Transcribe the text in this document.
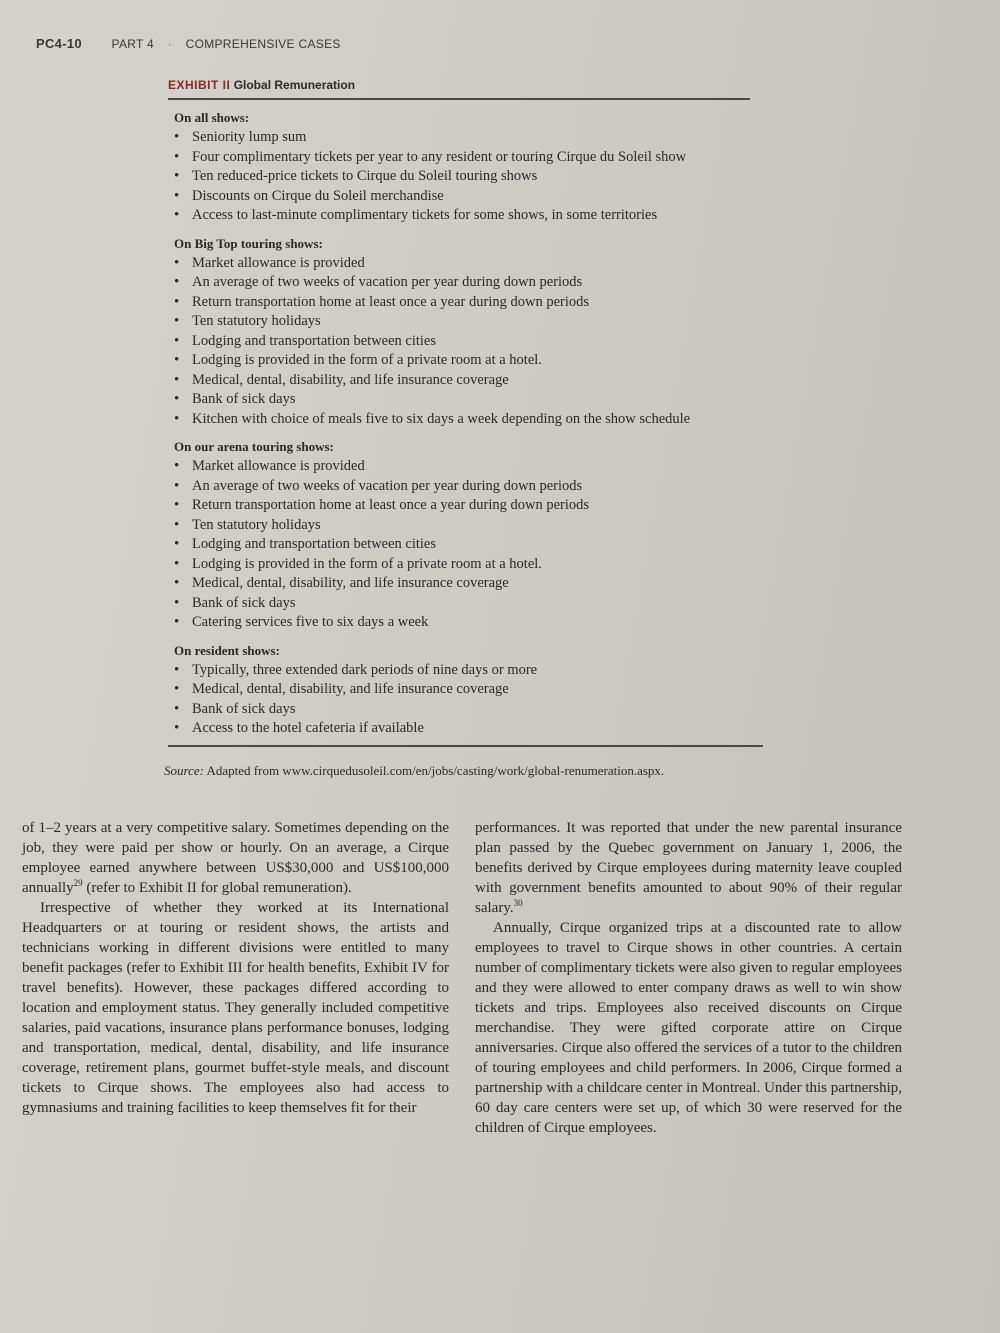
PC4-10 PART 4 · COMPREHENSIVE CASES
EXHIBIT II Global Remuneration
On all shows:
• Seniority lump sum
• Four complimentary tickets per year to any resident or touring Cirque du Soleil show
• Ten reduced-price tickets to Cirque du Soleil touring shows
• Discounts on Cirque du Soleil merchandise
• Access to last-minute complimentary tickets for some shows, in some territories
On Big Top touring shows:
• Market allowance is provided
• An average of two weeks of vacation per year during down periods
• Return transportation home at least once a year during down periods
• Ten statutory holidays
• Lodging and transportation between cities
• Lodging is provided in the form of a private room at a hotel.
• Medical, dental, disability, and life insurance coverage
• Bank of sick days
• Kitchen with choice of meals five to six days a week depending on the show schedule
On our arena touring shows:
• Market allowance is provided
• An average of two weeks of vacation per year during down periods
• Return transportation home at least once a year during down periods
• Ten statutory holidays
• Lodging and transportation between cities
• Lodging is provided in the form of a private room at a hotel.
• Medical, dental, disability, and life insurance coverage
• Bank of sick days
• Catering services five to six days a week
On resident shows:
• Typically, three extended dark periods of nine days or more
• Medical, dental, disability, and life insurance coverage
• Bank of sick days
• Access to the hotel cafeteria if available
Source: Adapted from www.cirquedusoleil.com/en/jobs/casting/work/global-renumeration.aspx.

of 1–2 years at a very competitive salary. Sometimes depending on the job, they were paid per show or hourly. On an average, a Cirque employee earned anywhere between US$30,000 and US$100,000 annually$^{29}$ (refer to Exhibit II for global remuneration).

Irrespective of whether they worked at its International Headquarters or at touring or resident shows, the artists and technicians working in different divisions were entitled to many benefit packages (refer to Exhibit III for health benefits, Exhibit IV for travel benefits). However, these packages differed according to location and employment status. They generally included competitive salaries, paid vacations, insurance plans performance bonuses, lodging and transportation, medical, dental, disability, and life insurance coverage, retirement plans, gourmet buffet-style meals, and discount tickets to Cirque shows. The employees also had access to gymnasiums and training facilities to keep themselves fit for their

performances. It was reported that under the new parental insurance plan passed by the Quebec government on January 1, 2006, the benefits derived by Cirque employees during maternity leave coupled with government benefits amounted to about 90% of their regular salary.$^{30}$

Annually, Cirque organized trips at a discounted rate to allow employees to travel to Cirque shows in other countries. A certain number of complimentary tickets were also given to regular employees and they were allowed to enter company draws as well to win show tickets and trips. Employees also received discounts on Cirque merchandise. They were gifted corporate attire on Cirque anniversaries. Cirque also offered the services of a tutor to the children of touring employees and child performers. In 2006, Cirque formed a partnership with a childcare center in Montreal. Under this partnership, 60 day care centers were set up, of which 30 were reserved for the children of Cirque employees.
